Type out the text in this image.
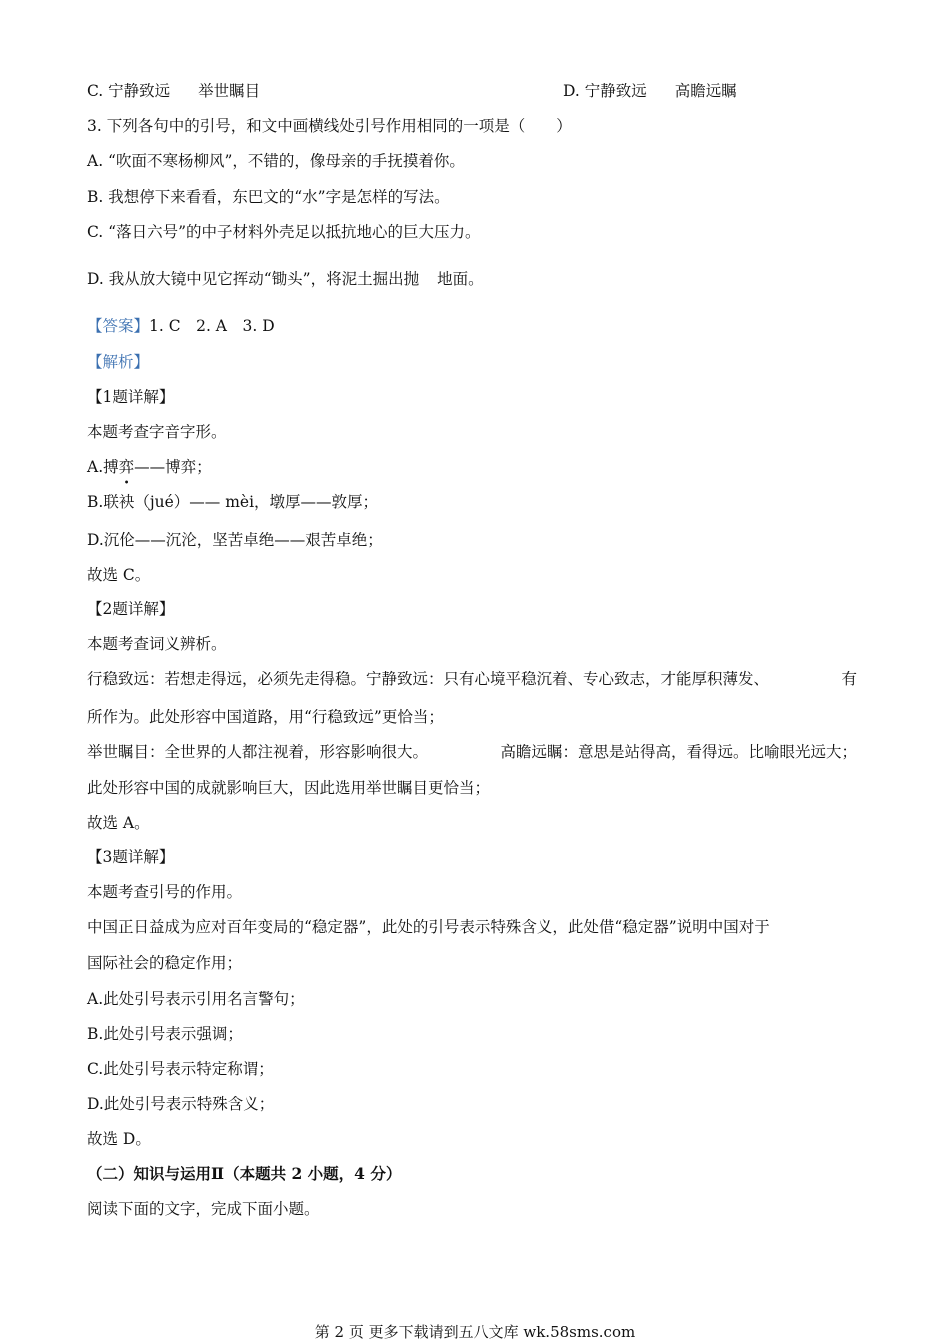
C. 宁静致远 举世瞩目	D. 宁静致远 高瞻远瞩
3. 下列各句中的引号，和文中画横线处引号作用相同的一项是（　　）
A. “吹面不寒杨柳风”，不错的，像母亲的手抚摸着你。
B. 我想停下来看看，东巴文的“水”字是怎样的写法。
C. “落日六号”的中子材料外壳足以抵抗地心的巨大压力。
D. 我从放大镜中见它挥动“锄头”，将泥土掘出抛 地面。
【答案】1. C　2. A　3. D
【解析】
【1题详解】
本题考查字音字形。
A.搏弈——博弈；
B.联袂（jué）—— mèi，墩厚——敦厚；
D.沉伦——沉沦，坚苦卓绝——艰苦卓绝；
故选 C。
【2题详解】
本题考查词义辨析。
行稳致远：若想走得远，必须先走得稳。宁静致远：只有心境平稳沉着、专心致志，才能厚积薄发、	有
所作为。此处形容中国道路，用“行稳致远”更恰当；
举世瞩目：全世界的人都注视着，形容影响很大。	高瞻远瞩：意思是站得高，看得远。比喻眼光远大；
此处形容中国的成就影响巨大，因此选用举世瞩目更恰当；
故选 A。
【3题详解】
本题考查引号的作用。
中国正日益成为应对百年变局的“稳定器”，此处的引号表示特殊含义，此处借“稳定器”说明中国对于
国际社会的稳定作用；
A.此处引号表示引用名言警句；
B.此处引号表示强调；
C.此处引号表示特定称谓；
D.此处引号表示特殊含义；
故选 D。
（二）知识与运用Ⅱ（本题共 2 小题，4 分）
阅读下面的文字，完成下面小题。
第 2 页 更多下载请到五八文库 wk.58sms.com
